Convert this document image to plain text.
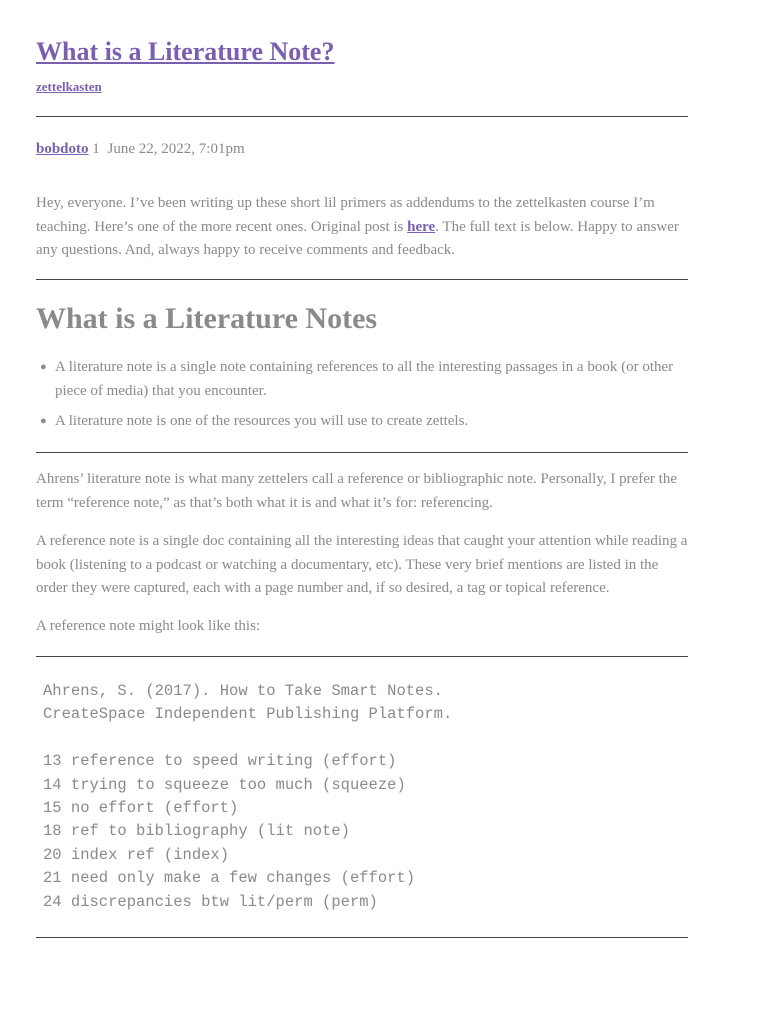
What is a Literature Note?
zettelkasten
bobdoto 1 June 22, 2022, 7:01pm

Hey, everyone. I’ve been writing up these short lil primers as addendums to the zettelkasten course I’m teaching. Here’s one of the more recent ones. Original post is here. The full text is below. Happy to answer any questions. And, always happy to receive comments and feedback.

What is a Literature Notes
● A literature note is a single note containing references to all the interesting passages in a book (or other piece of media) that you encounter.
● A literature note is one of the resources you will use to create zettels.

Ahrens’ literature note is what many zettelers call a reference or bibliographic note. Personally, I prefer the term “reference note,” as that’s both what it is and what it’s for: referencing.

A reference note is a single doc containing all the interesting ideas that caught your attention while reading a book (listening to a podcast or watching a documentary, etc). These very brief mentions are listed in the order they were captured, each with a page number and, if so desired, a tag or topical reference.

A reference note might look like this:

Ahrens, S. (2017). How to Take Smart Notes.
CreateSpace Independent Publishing Platform.
13 reference to speed writing (effort)
14 trying to squeeze too much (squeeze)
15 no effort (effort)
18 ref to bibliography (lit note)
20 index ref (index)
21 need only make a few changes (effort)
24 discrepancies btw lit/perm (perm)
